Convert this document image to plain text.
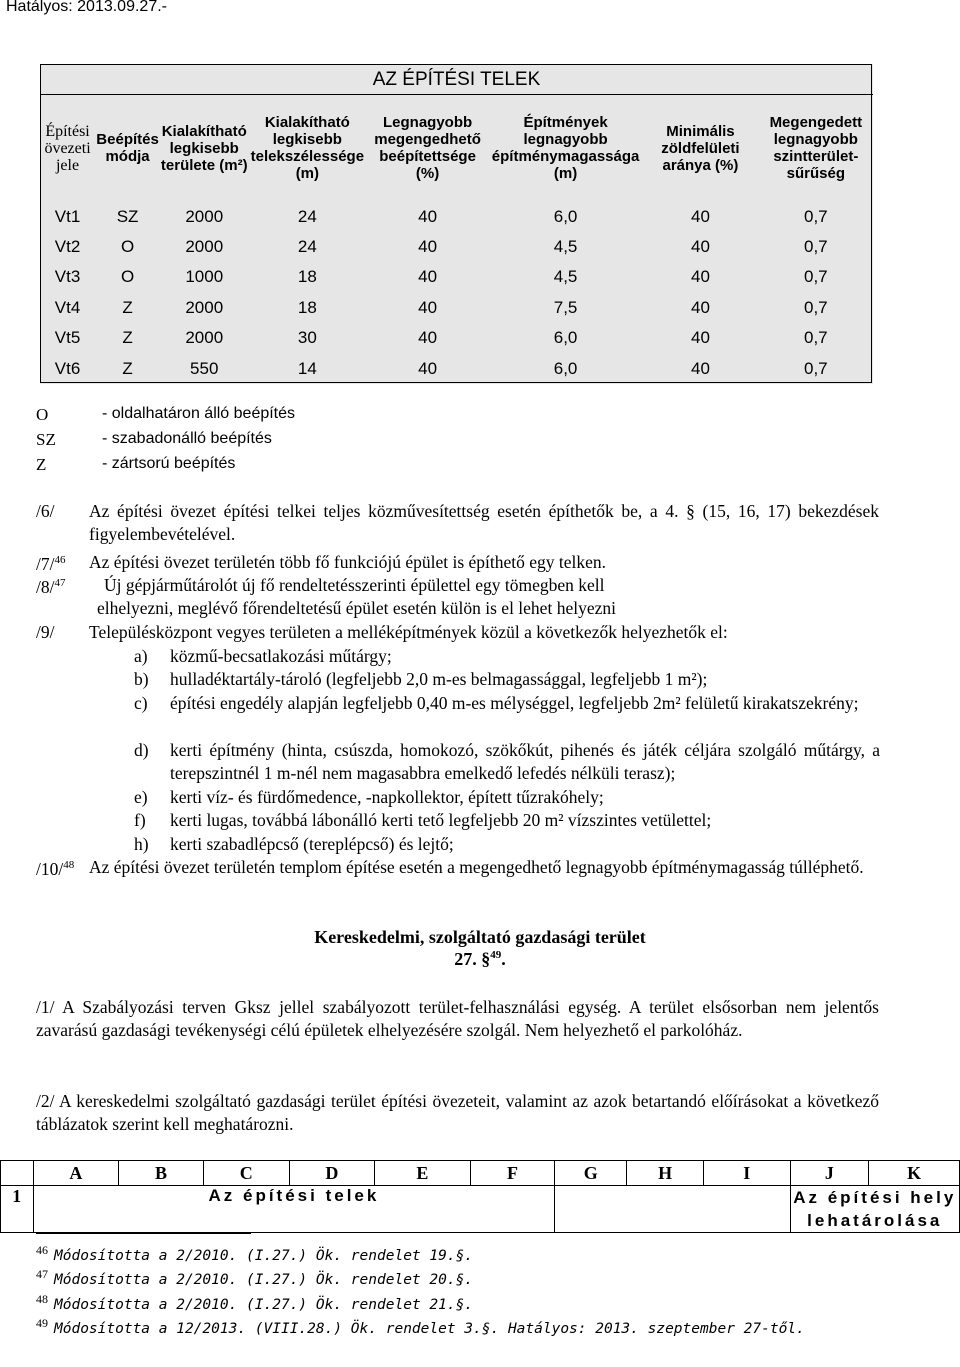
Hatályos: 2013.09.27.-
AZ ÉPÍTÉSI TELEK							
Építési övezeti jele	Beépítés módja	Kialakítható legkisebb területe (m²)	Kialakítható legkisebb telekszélessége (m)	Legnagyobb megengedhető beépítettsége (%)	Építmények legnagyobb építménymagassága (m)	Minimális zöldfelületi aránya (%)	Megengedett legnagyobb szintterület-sűrűség
Vt1	SZ	2000	24	40	6,0	40	0,7
Vt2	O	2000	24	40	4,5	40	0,7
Vt3	O	1000	18	40	4,5	40	0,7
Vt4	Z	2000	18	40	7,5	40	0,7
Vt5	Z	2000	30	40	6,0	40	0,7
Vt6	Z	550	14	40	6,0	40	0,7
O	- oldalhatáron álló beépítés
SZ	- szabadonálló beépítés
Z	- zártsorú beépítés
/6/ Az építési övezet építési telkei teljes közművesítettség esetén építhetők be, a 4. § (15, 16, 17) bekezdések figyelembevételével.
/7/$^{46}$ Az építési övezet területén több fő funkciójú épület is építhető egy telken.
/8/$^{47}$ Új gépjárműtárolót új fő rendeltetésszerinti épülettel egy tömegben kell
elhelyezni, meglévő főrendeltetésű épület esetén külön is el lehet helyezni
/9/ Településközpont vegyes területen a melléképítmények közül a következők helyezhetők el:
a) közmű-becsatlakozási műtárgy;
b) hulladéktartály-tároló (legfeljebb 2,0 m-es belmagassággal, legfeljebb 1 m²);
c) építési engedély alapján legfeljebb 0,40 m-es mélységgel, legfeljebb 2m² felületű kirakatszekrény;
d) kerti építmény (hinta, csúszda, homokozó, szökőkút, pihenés és játék céljára szolgáló műtárgy, a terepszintnél 1 m-nél nem magasabbra emelkedő lefedés nélküli terasz);
e) kerti víz- és fürdőmedence, -napkollektor, épített tűzrakóhely;
f) kerti lugas, továbbá lábonálló kerti tető legfeljebb 20 m² vízszintes vetülettel;
h) kerti szabadlépcső (tereplépcső) és lejtő;
/10/$^{48}$ Az építési övezet területén templom építése esetén a megengedhető legnagyobb építménymagasság túlléphető.
Kereskedelmi, szolgáltató gazdasági terület
27. §$^{49}$.
/1/ A Szabályozási terven Gksz jellel szabályozott terület-felhasználási egység. A terület elsősorban nem jelentős zavarású gazdasági tevékenységi célú épületek elhelyezésére szolgál. Nem helyezhető el parkolóház.
/2/ A kereskedelmi szolgáltató gazdasági terület építési övezeteit, valamint az azok betartandó előírásokat a következő táblázatok szerint kell meghatározni.
	A	B	C	D	E	F	G	H	I	J	K
1	Az építési telek									Az építési hely lehatárolása	
$^{46}$ Módosította a 2/2010. (I.27.) Ök. rendelet 19.§.
$^{47}$ Módosította a 2/2010. (I.27.) Ök. rendelet 20.§.
$^{48}$ Módosította a 2/2010. (I.27.) Ök. rendelet 21.§.
$^{49}$ Módosította a 12/2013. (VIII.28.) Ök. rendelet 3.§. Hatályos: 2013. szeptember 27-től.
